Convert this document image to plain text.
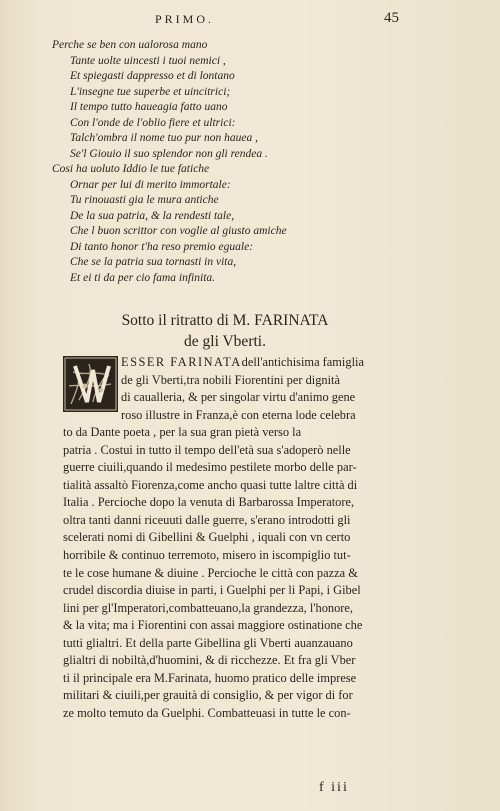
PRIMO.	45
Perche se ben con ualorosa mano
Tante uolte uincesti i tuoi nemici ,
Et spiegasti dappresso et di lontano
L'insegne tue superbe et uincitrici;
Il tempo tutto haueagia fatto uano
Con l'onde de l'oblio fiere et ultrici:
Talch'ombra il nome tuo pur non hauea ,
Se'l Giouio il suo splendor non gli rendea .
Cosi ha uoluto Iddio le tue fatiche
Ornar per lui di merito immortale:
Tu rinouasti gia le mura antiche
De la sua patria, & la rendesti tale,
Che l buon scrittor con voglie al giusto amiche
Di tanto honor t'ha reso premio eguale:
Che se la patria sua tornasti in vita,
Et ei ti da per cio fama infinita.
Sotto il ritratto di M. FARINATA
de gli Vberti.
ESSER FARINATAdell'antichisima famiglia
de gli Vberti,tra nobili Fiorentini per dignità
di caualleria, & per singolar virtu d'animo gene
roso illustre in Franza,è con eterna lode celebra
to da Dante poeta , per la sua gran pietà verso la
patria . Costui in tutto il tempo dell'età sua s'adoperò nelle
guerre ciuili,quando il medesimo pestilete morbo delle par-
tialità assaltò Fiorenza,come ancho quasi tutte laltre città di
Italia . Percioche dopo la venuta di Barbarossa Imperatore,
oltra tanti danni riceuuti dalle guerre, s'erano introdotti gli
scelerati nomi di Gibellini & Guelphi , iquali con vn certo
horribile & continuo terremoto, misero in iscompiglio tut-
te le cose humane & diuine . Percioche le città con pazza &
crudel discordia diuise in parti, i Guelphi per li Papi, i Gibel
lini per gl'Imperatori,combatteuano,la grandezza, l'honore,
& la vita; ma i Fiorentini con assai maggiore ostinatione che
tutti glialtri. Et della parte Gibellina gli Vberti auanzauano
glialtri di nobiltà,d'huomini, & di ricchezze. Et fra gli Vber
ti il principale era M.Farinata, huomo pratico delle imprese
militari & ciuili,per grauità di consiglio, & per vigor di for
ze molto temuto da Guelphi. Combatteuasi in tutte le con-
f iii
